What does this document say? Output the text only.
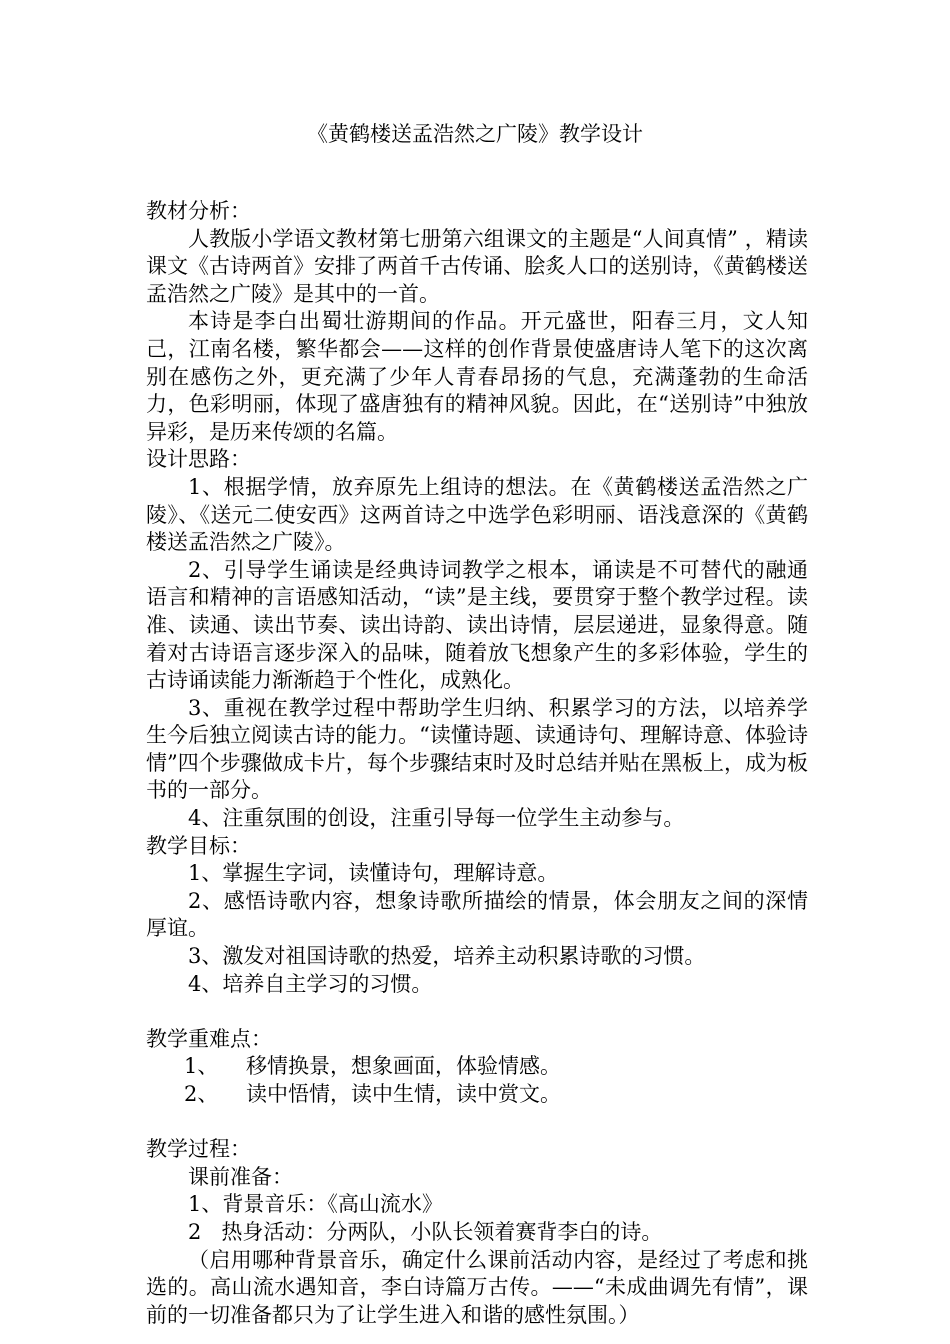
《黄鹤楼送孟浩然之广陵》教学设计

教材分析：

人教版小学语文教材第七册第六组课文的主题是“人间真情” ，精读课文《古诗两首》安排了两首千古传诵、脍炙人口的送别诗，《黄鹤楼送孟浩然之广陵》是其中的一首。

本诗是李白出蜀壮游期间的作品。开元盛世，阳春三月，文人知己，江南名楼，繁华都会——这样的创作背景使盛唐诗人笔下的这次离别在感伤之外，更充满了少年人青春昂扬的气息，充满蓬勃的生命活力，色彩明丽，体现了盛唐独有的精神风貌。因此，在“送别诗”中独放异彩，是历来传颂的名篇。

设计思路：

1、根据学情，放弃原先上组诗的想法。在《黄鹤楼送孟浩然之广陵》、《送元二使安西》这两首诗之中选学色彩明丽、语浅意深的《黄鹤楼送孟浩然之广陵》。

2、引导学生诵读是经典诗词教学之根本，诵读是不可替代的融通语言和精神的言语感知活动，“读”是主线，要贯穿于整个教学过程。读准、读通、读出节奏、读出诗韵、读出诗情，层层递进，显象得意。随着对古诗语言逐步深入的品味，随着放飞想象产生的多彩体验，学生的古诗诵读能力渐渐趋于个性化，成熟化。

3、重视在教学过程中帮助学生归纳、积累学习的方法，以培养学生今后独立阅读古诗的能力。“读懂诗题、读通诗句、理解诗意、体验诗情”四个步骤做成卡片，每个步骤结束时及时总结并贴在黑板上，成为板书的一部分。

4、注重氛围的创设，注重引导每一位学生主动参与。

教学目标：

1、掌握生字词，读懂诗句，理解诗意。

2、感悟诗歌内容，想象诗歌所描绘的情景，体会朋友之间的深情厚谊。

3、激发对祖国诗歌的热爱，培养主动积累诗歌的习惯。

4、培养自主学习的习惯。

教学重难点：

1、	移情换景，想象画面，体验情感。
2、	读中悟情，读中生情，读中赏文。

教学过程：

课前准备：

1、背景音乐：《高山流水》

2   热身活动：分两队，小队长领着赛背李白的诗。

（启用哪种背景音乐，确定什么课前活动内容，是经过了考虑和挑选的。高山流水遇知音，李白诗篇万古传。——“未成曲调先有情”，课前的一切准备都只为了让学生进入和谐的感性氛围。）
